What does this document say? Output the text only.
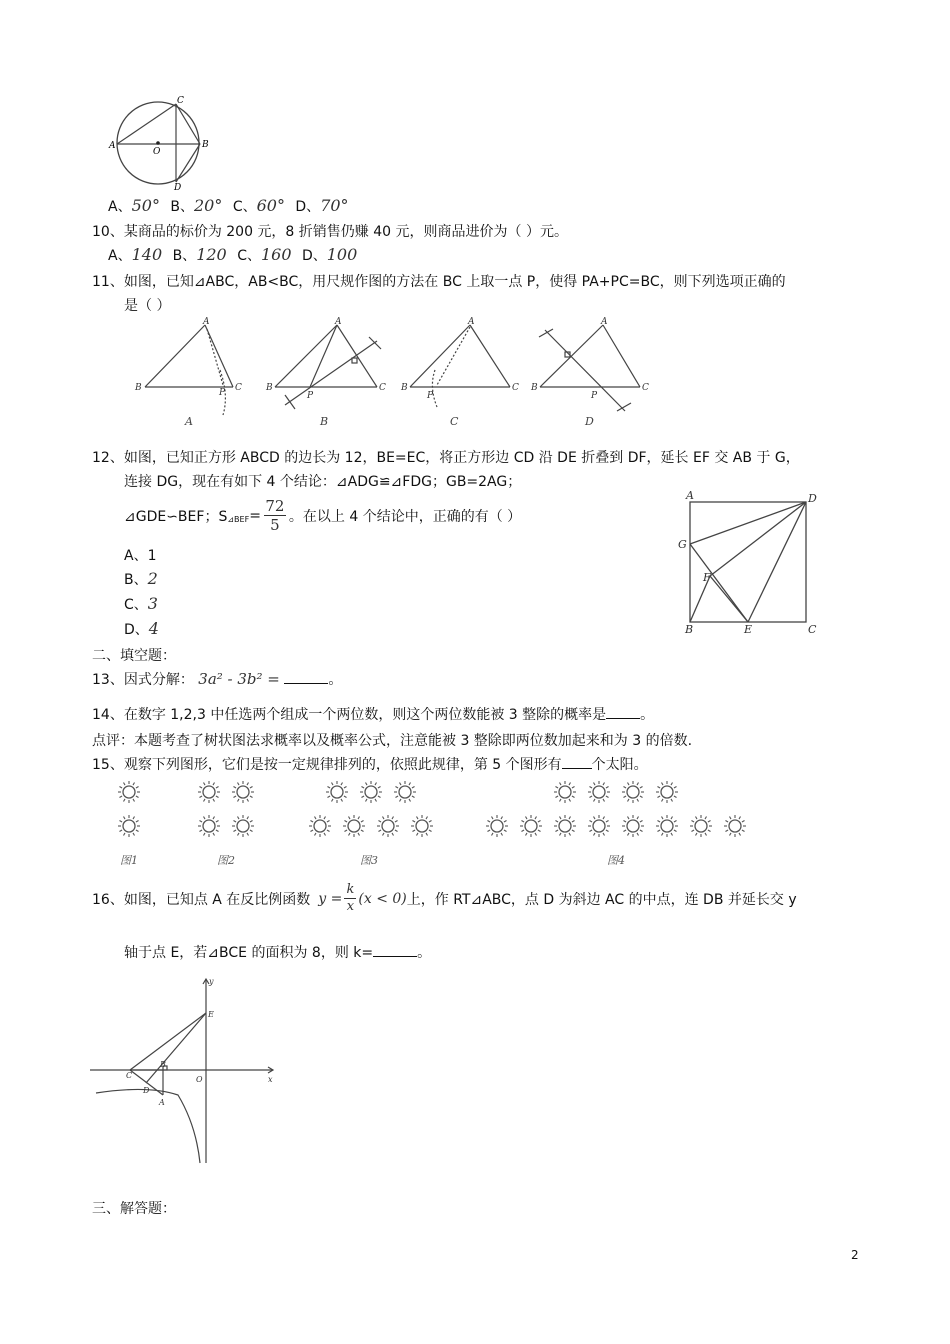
A
C
B
D
O
A、50° B、20° C、60° D、70°
10、某商品的标价为 200 元，8 折销售仍赚 40 元，则商品进价为（ ）元。
A、140 B、120 C、160 D、100
11、如图，已知⊿ABC，AB<BC，用尺规作图的方法在 BC 上取一点 P，使得 PA+PC=BC，则下列选项正确的
是（ ）
B
A
C
P	B
A
C
P
B
A
C
P
B
A
C
P
A	B	C	D
12、如图，已知正方形 ABCD 的边长为 12，BE=EC，将正方形边 CD 沿 DE 折叠到 DF，延长 EF 交 AB 于 G，
连接 DG，现在有如下 4 个结论：⊿ADG≌⊿FDG；GB=2AG；
⊿GDE∽BEF；S ⊿BEF =
72
5 。在以上 4 个结论中，正确的有（ ）
A、1
B、2
C、3
D、4
A	D
G
F
B	E	C
二、填空题：
13、因式分解： 3a² - 3b² =	。
14、在数字 1,2,3 中任选两个组成一个两位数，则这个两位数能被 3 整除的概率是 。
点评：本题考查了树状图法求概率以及概率公式，注意能被 3 整除即两位数加起来和为 3 的倍数.
15、观察下列图形，它们是按一定规律排列的，依照此规律，第 5 个图形有 个太阳。
图1	图2	图3	图4
16、如图，已知点 A 在反比例函数 y =
k
x (x < 0) 上，作 RT⊿ABC，点 D 为斜边 AC 的中点，连 DB 并延长交 y
轴于点 E，若⊿BCE 的面积为 8，则 k=	。
y
x
O
E
C
B
D
A
三、解答题：
2
